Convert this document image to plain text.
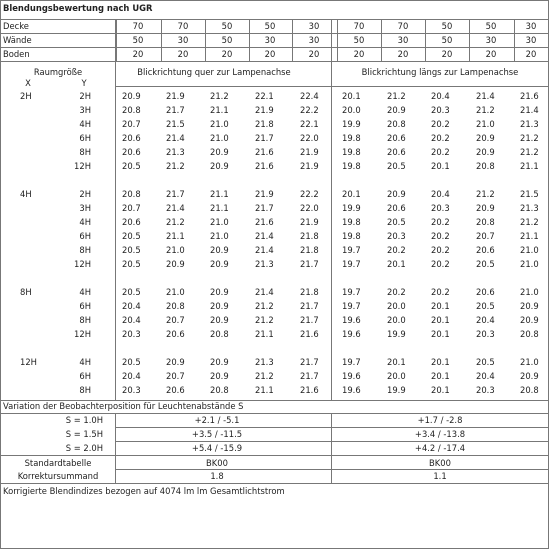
Blendungsbewertung nach UGR
Raumgröße
X	Y
Blickrichtung quer zur Lampenachse	Blickrichtung längs zur Lampenachse
Decke	70	70	50	50	30	70	70	50	50	30
Wände	50	30	50	30	30	50	30	50	30	30
Boden	20	20	20	20	20	20	20	20	20	20
2H	2H	20.9	21.9	21.2	22.1	22.4	20.1	21.2	20.4	21.4	21.6
3H	20.8	21.7	21.1	21.9	22.2	20.0	20.9	20.3	21.2	21.4
4H	20.7	21.5	21.0	21.8	22.1	19.9	20.8	20.2	21.0	21.3
6H	20.6	21.4	21.0	21.7	22.0	19.8	20.6	20.2	20.9	21.2
8H	20.6	21.3	20.9	21.6	21.9	19.8	20.6	20.2	20.9	21.2
12H	20.5	21.2	20.9	21.6	21.9	19.8	20.5	20.1	20.8	21.1
4H	2H	20.8	21.7	21.1	21.9	22.2	20.1	20.9	20.4	21.2	21.5
3H	20.7	21.4	21.1	21.7	22.0	19.9	20.6	20.3	20.9	21.3
4H	20.6	21.2	21.0	21.6	21.9	19.8	20.5	20.2	20.8	21.2
6H	20.5	21.1	21.0	21.4	21.8	19.8	20.3	20.2	20.7	21.1
8H	20.5	21.0	20.9	21.4	21.8	19.7	20.2	20.2	20.6	21.0
12H	20.5	20.9	20.9	21.3	21.7	19.7	20.1	20.2	20.5	21.0
8H	4H	20.5	21.0	20.9	21.4	21.8	19.7	20.2	20.2	20.6	21.0
6H	20.4	20.8	20.9	21.2	21.7	19.7	20.0	20.1	20.5	20.9
8H	20.4	20.7	20.9	21.2	21.7	19.6	20.0	20.1	20.4	20.9
12H	20.3	20.6	20.8	21.1	21.6	19.6	19.9	20.1	20.3	20.8
12H	4H	20.5	20.9	20.9	21.3	21.7	19.7	20.1	20.1	20.5	21.0
6H	20.4	20.7	20.9	21.2	21.7	19.6	20.0	20.1	20.4	20.9
8H	20.3	20.6	20.8	21.1	21.6	19.6	19.9	20.1	20.3	20.8
Variation der Beobachterposition für Leuchtenabstände S
S = 1.0H	+2.1 / -5.1	+1.7 / -2.8
S = 1.5H	+3.5 / -11.5	+3.4 / -13.8
S = 2.0H	+5.4 / -15.9	+4.2 / -17.4
Standardtabelle	BK00	BK00
Korrektursummand	1.8	1.1
Korrigierte Blendindizes bezogen auf 4074 lm lm Gesamtlichtstrom
